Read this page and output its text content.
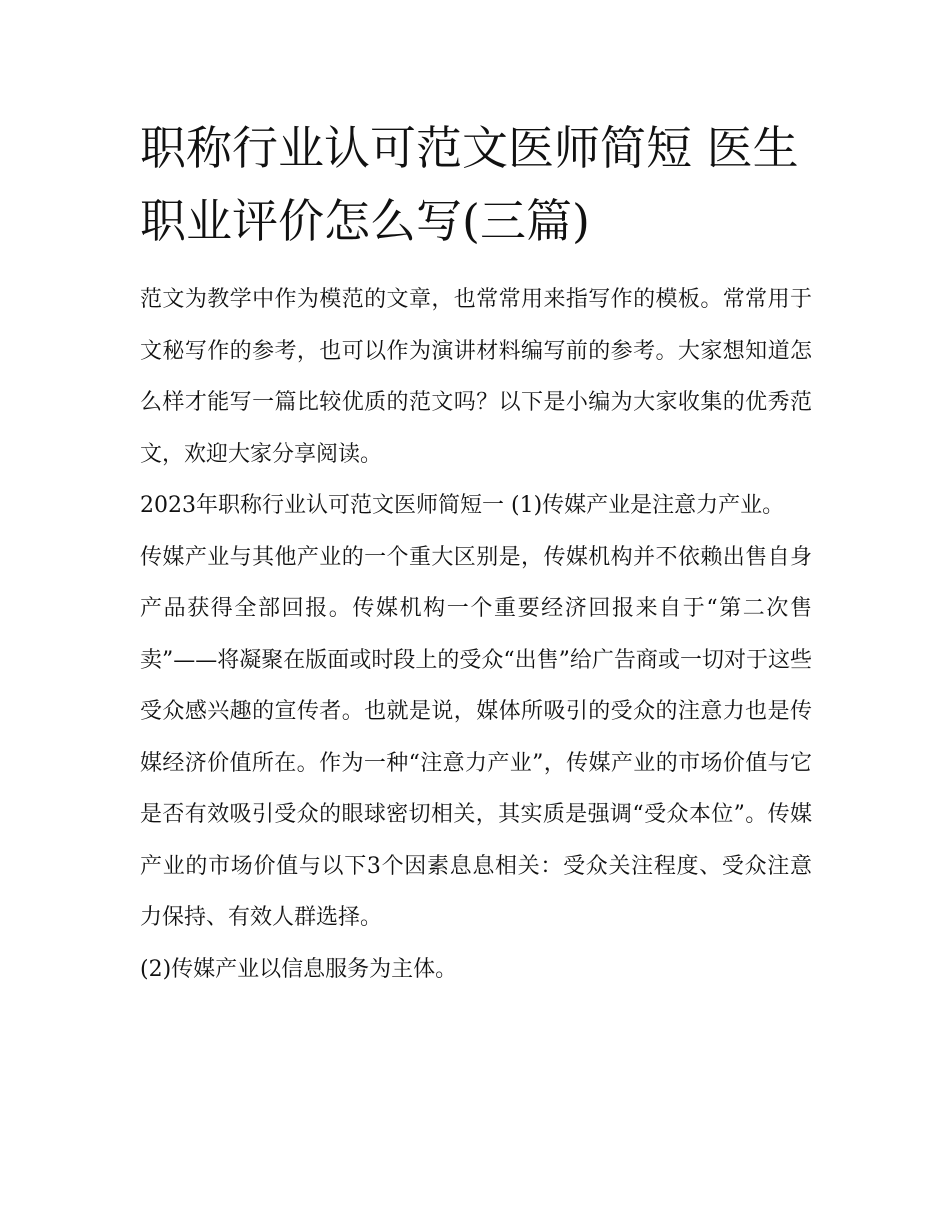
职称行业认可范文医师简短 医生职业评价怎么写(三篇)

范文为教学中作为模范的文章，也常常用来指写作的模板。常常用于文秘写作的参考，也可以作为演讲材料编写前的参考。大家想知道怎么样才能写一篇比较优质的范文吗？以下是小编为大家收集的优秀范文，欢迎大家分享阅读。

2023年职称行业认可范文医师简短一 (1)传媒产业是注意力产业。

传媒产业与其他产业的一个重大区别是，传媒机构并不依赖出售自身产品获得全部回报。传媒机构一个重要经济回报来自于“第二次售卖”——将凝聚在版面或时段上的受众“出售”给广告商或一切对于这些受众感兴趣的宣传者。也就是说，媒体所吸引的受众的注意力也是传媒经济价值所在。作为一种“注意力产业”，传媒产业的市场价值与它是否有效吸引受众的眼球密切相关，其实质是强调“受众本位”。传媒产业的市场价值与以下3个因素息息相关：受众关注程度、受众注意力保持、有效人群选择。

(2)传媒产业以信息服务为主体。
